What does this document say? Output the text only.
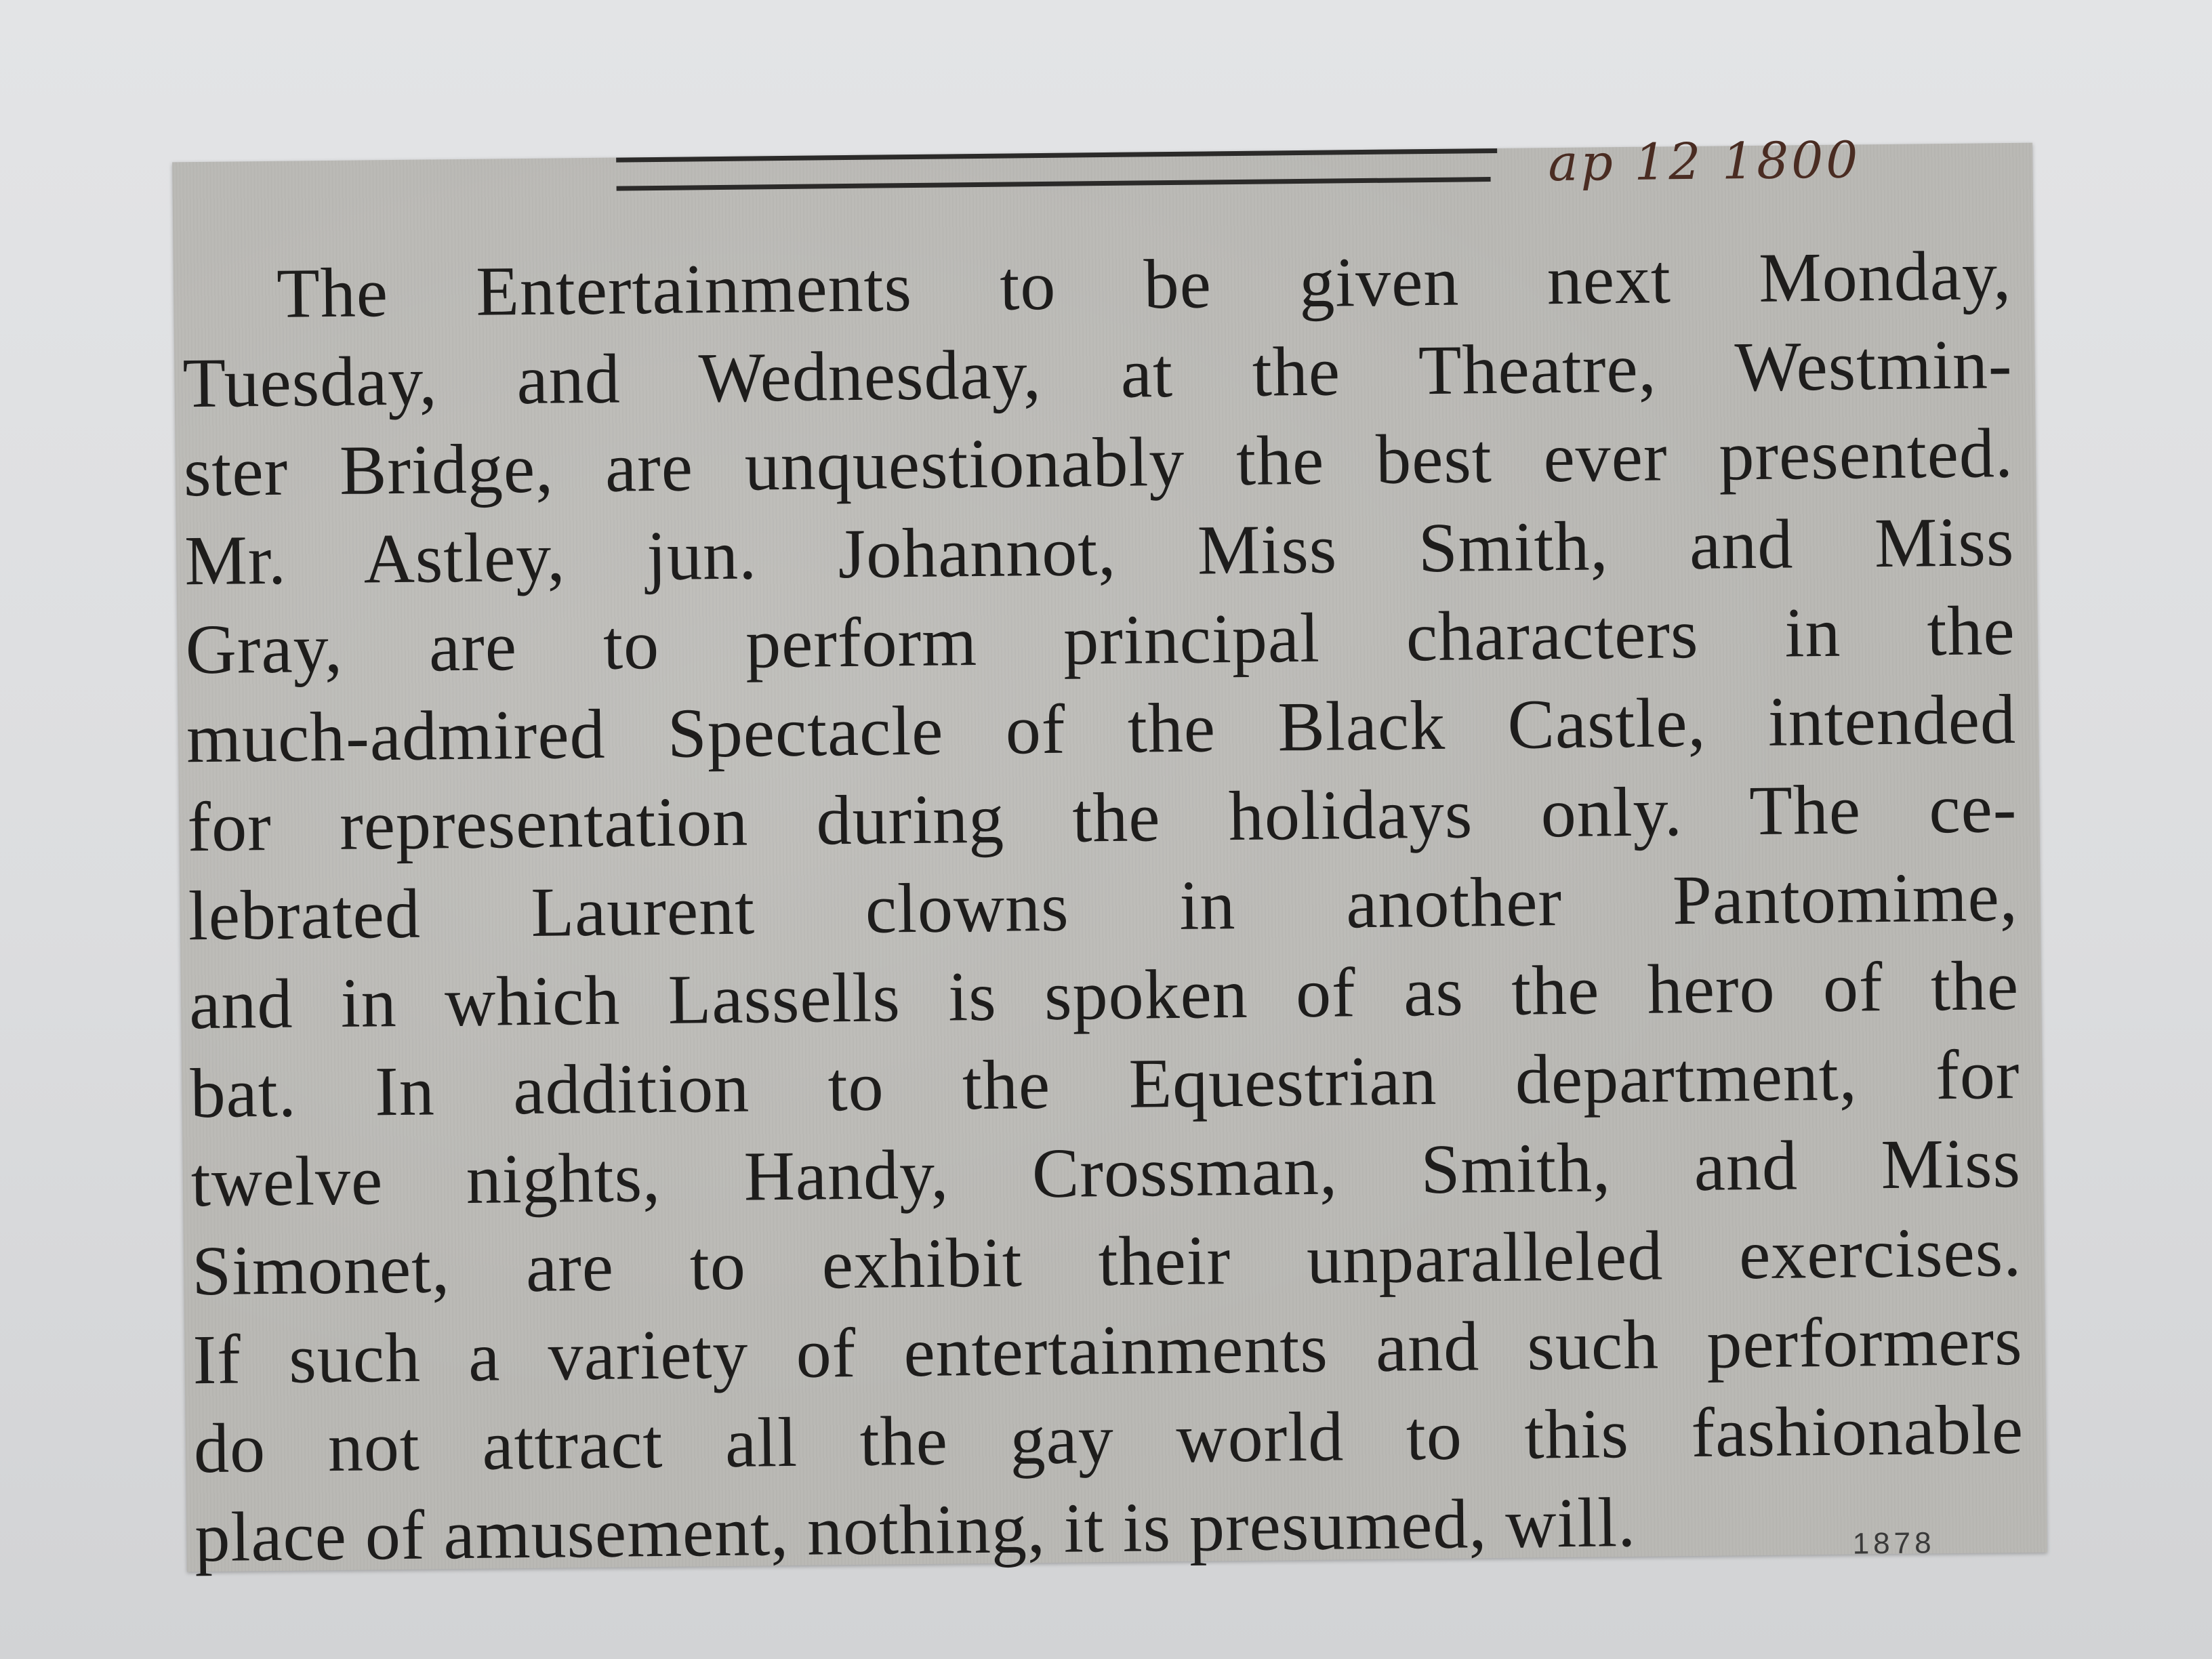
ap 12 1800
The Entertainments to be given next Monday,
Tuesday, and Wednesday, at the Theatre, Westmin-
ster Bridge, are unquestionably the best ever presented.
Mr. Astley, jun. Johannot, Miss Smith, and Miss
Gray, are to perform principal characters in the
much-admired Spectacle of the Black Castle, intended
for representation during the holidays only. The ce-
lebrated Laurent clowns in another Pantomime,
and in which Lassells is spoken of as the hero of the
bat. In addition to the Equestrian department, for
twelve nights, Handy, Crossman, Smith, and Miss
Simonet, are to exhibit their unparalleled exercises.
If such a variety of entertainments and such performers
do not attract all the gay world to this fashionable
place of amusement, nothing, it is presumed, will.	1878
